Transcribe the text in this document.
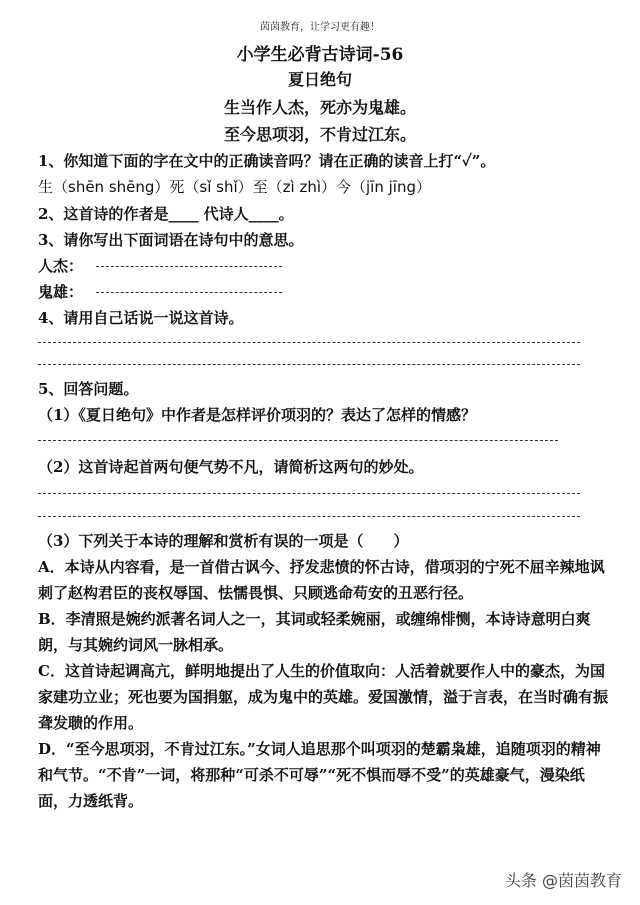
茵茵教育，让学习更有趣！
小学生必背古诗词-56
夏日绝句
生当作人杰，死亦为鬼雄。
至今思项羽，不肯过江东。
1、你知道下面的字在文中的正确读音吗？请在正确的读音上打“✓”。
生（shēn shēng）死（sǐ shǐ）至（zì zhì）今（jīn jīng）
2、这首诗的作者是____ 代诗人____。
3、请你写出下面词语在诗句中的意思。
人杰：
鬼雄：
4、请用自己话说一说这首诗。
5、回答问题。
（1）《夏日绝句》中作者是怎样评价项羽的？表达了怎样的情感？
（2）这首诗起首两句便气势不凡，请简析这两句的妙处。
（3）下列关于本诗的理解和赏析有误的一项是（　　）
A．本诗从内容看，是一首借古讽今、抒发悲愤的怀古诗，借项羽的宁死不屈辛辣地讽刺了赵构君臣的丧权辱国、怯懦畏惧、只顾逃命苟安的丑恶行径。
B．李清照是婉约派著名词人之一，其词或轻柔婉丽，或缠绵悱恻，本诗诗意明白爽朗，与其婉约词风一脉相承。
C．这首诗起调高亢，鲜明地提出了人生的价值取向：人活着就要作人中的豪杰，为国家建功立业；死也要为国捐躯，成为鬼中的英雄。爱国激情，溢于言表，在当时确有振聋发聩的作用。
D．“至今思项羽，不肯过江东。”女词人追思那个叫项羽的楚霸枭雄，追随项羽的精神和气节。“不肯”一词，将那种“可杀不可辱”“死不惧而辱不受”的英雄豪气，漫染纸面，力透纸背。
头条 @茵茵教育
